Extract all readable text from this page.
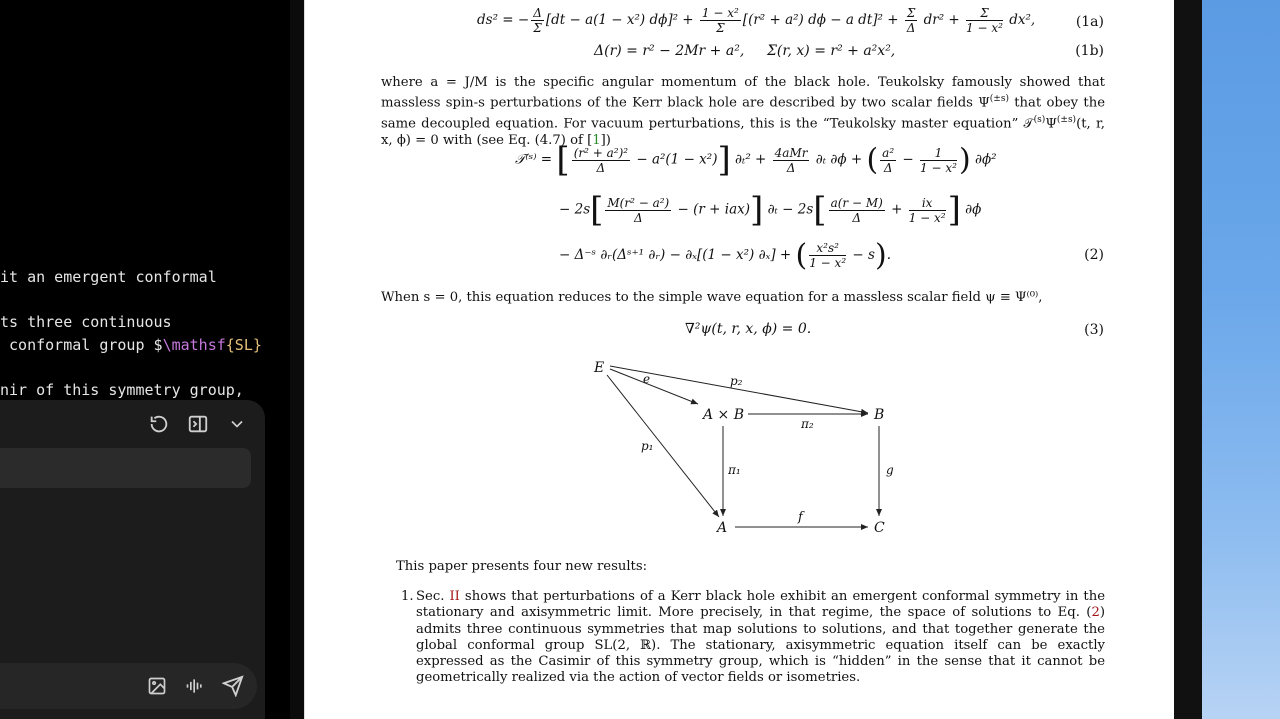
it an emergent conformal
ts three continuous
conformal group $\mathsf{SL}
nir of this symmetry group,
ds² = − $\frac{\Delta}{\Sigma} [dt - a(1 - x^2) d\phi]^2 + \frac{\text{1 − x²}}{\Sigma} [(r^2 + a^2) d\phi - a$ $dt]^2 + \frac{\Sigma}{\Delta} dr^2 + \frac{\Sigma}{\text{1 − x²}} dx^2$,	(1a)
Δ(r) = r² − 2Mr + a², Σ(r, x) = r² + a²x²,	(1b)
where a = J/M is the specific angular momentum of the black hole. Teukolsky famously showed that massless spin-s perturbations of the Kerr black hole are described by two scalar fields $\Psi^{(\pm s)}$ that obey the same decoupled equation. For vacuum perturbations, this is the “Teukolsky master equation” $𝒯^{(s)}\Psi^{(\pm s)}(t$, r, x, ϕ) = 0 with (see Eq. (4.7) of [1])
𝒯⁽ˢ⁾ = [ $\frac{\text{(r² + a²)²}}{\Delta} - a^2(1 - x^2)$] $\partial_t^2 + \frac{\text{4aMr}}{\Delta} \partial_t$ ∂ϕ + ( $\frac{\text{a²}}{\Delta} - \frac{1}{\text{1 − x²}}$ ) ∂ϕ²
− $2s[ \frac{\text{M(r² − a²)}}{\Delta} - (r + iax)]$ $\partial_t - 2s[ \frac{a(r - M)}{\Delta} + \frac{ix}{\text{1 − x²}}$ ] ∂ϕ
− Δ⁻ˢ ∂ᵣ(Δˢ⁺¹ ∂ᵣ) − ∂ₓ[(1 − x²) ∂ₓ] + ( $\frac{\text{x²s²}}{\text{1 − x²}} - s$).	(2)
When s = 0, this equation reduces to the simple wave equation for a massless scalar field ψ ≡ Ψ⁽⁰⁾,
∇²ψ(t, r, x, ϕ) = 0.	(3)
E
A × B	B
A	C
e	p₂
π₂
p₁
π₁	g
f
This paper presents four new results:
1. Sec. II shows that perturbations of a Kerr black hole exhibit an emergent conformal symmetry in the stationary and axisymmetric limit. More precisely, in that regime, the space of solutions to Eq. (2) admits three continuous symmetries that map solutions to solutions, and that together generate the global conformal group SL(2, ℝ). The stationary, axisymmetric equation itself can be exactly expressed as the Casimir of this symmetry group, which is “hidden” in the sense that it cannot be geometrically realized via the action of vector fields or isometries.
